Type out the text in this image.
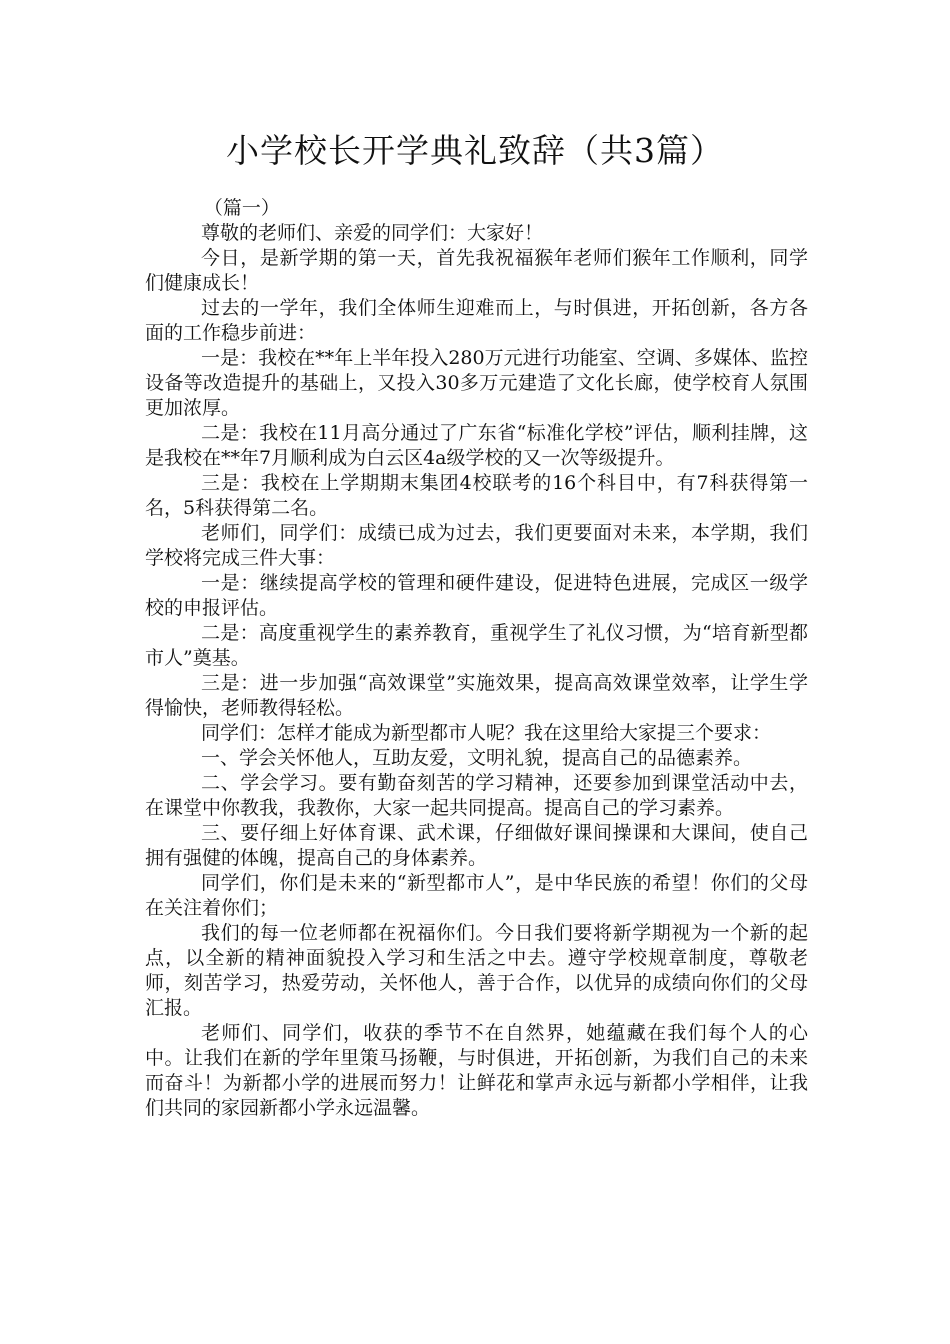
小学校长开学典礼致辞（共3篇）

（篇一）

尊敬的老师们、亲爱的同学们：大家好！

今日，是新学期的第一天，首先我祝福猴年老师们猴年工作顺利，同学们健康成长！

过去的一学年，我们全体师生迎难而上，与时俱进，开拓创新，各方各面的工作稳步前进：

一是：我校在**年上半年投入280万元进行功能室、空调、多媒体、监控设备等改造提升的基础上，又投入30多万元建造了文化长廊，使学校育人氛围更加浓厚。

二是：我校在11月高分通过了广东省“标准化学校”评估，顺利挂牌，这是我校在**年7月顺利成为白云区4a级学校的又一次等级提升。

三是：我校在上学期期末集团4校联考的16个科目中，有7科获得第一名，5科获得第二名。

老师们，同学们：成绩已成为过去，我们更要面对未来，本学期，我们学校将完成三件大事：

一是：继续提高学校的管理和硬件建设，促进特色进展，完成区一级学校的申报评估。

二是：高度重视学生的素养教育，重视学生了礼仪习惯，为“培育新型都市人”奠基。

三是：进一步加强“高效课堂”实施效果，提高高效课堂效率，让学生学得愉快，老师教得轻松。

同学们：怎样才能成为新型都市人呢？我在这里给大家提三个要求：

一、学会关怀他人，互助友爱，文明礼貌，提高自己的品德素养。

二、学会学习。要有勤奋刻苦的学习精神，还要参加到课堂活动中去，在课堂中你教我，我教你，大家一起共同提高。提高自己的学习素养。

三、要仔细上好体育课、武术课，仔细做好课间操课和大课间，使自己拥有强健的体魄，提高自己的身体素养。

同学们，你们是未来的“新型都市人”，是中华民族的希望！你们的父母在关注着你们；

我们的每一位老师都在祝福你们。今日我们要将新学期视为一个新的起点，以全新的精神面貌投入学习和生活之中去。遵守学校规章制度，尊敬老师，刻苦学习，热爱劳动，关怀他人，善于合作，以优异的成绩向你们的父母汇报。

老师们、同学们，收获的季节不在自然界，她蕴藏在我们每个人的心中。让我们在新的学年里策马扬鞭，与时俱进，开拓创新，为我们自己的未来而奋斗！为新都小学的进展而努力！让鲜花和掌声永远与新都小学相伴，让我们共同的家园新都小学永远温馨。
